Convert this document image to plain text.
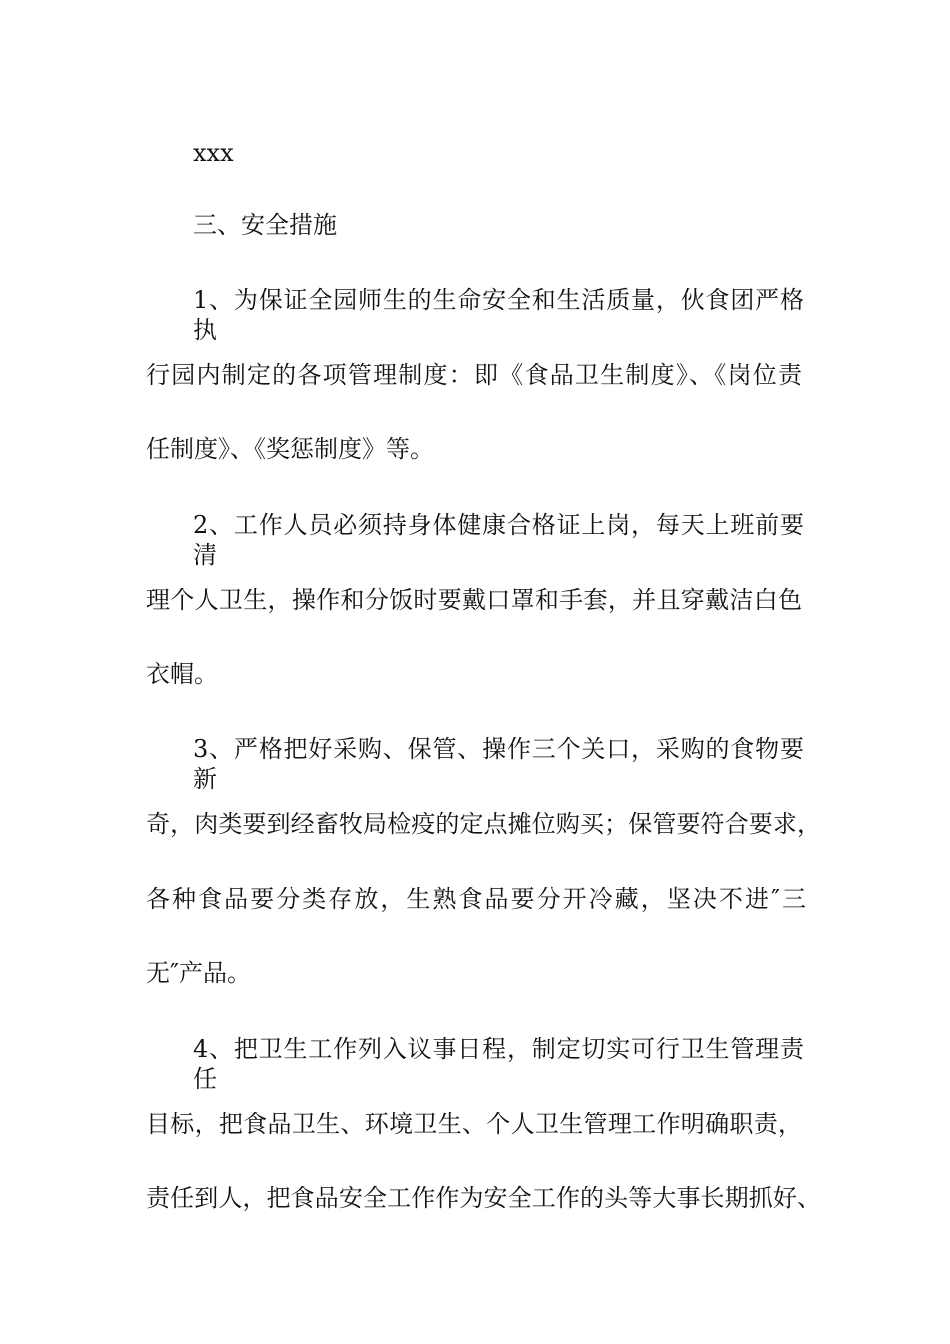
xxx
三、安全措施
1、为保证全园师生的生命安全和生活质量，伙食团严格执
行园内制定的各项管理制度：即《食品卫生制度》、《岗位责
任制度》、《奖惩制度》等。
2、工作人员必须持身体健康合格证上岗，每天上班前要清
理个人卫生，操作和分饭时要戴口罩和手套，并且穿戴洁白色
衣帽。
3、严格把好采购、保管、操作三个关口，采购的食物要新
奇，肉类要到经畜牧局检疫的定点摊位购买；保管要符合要求，
各种食品要分类存放，生熟食品要分开冷藏，坚决不进″三
无″产品。
4、把卫生工作列入议事日程，制定切实可行卫生管理责任
目标，把食品卫生、环境卫生、个人卫生管理工作明确职责，
责任到人，把食品安全工作作为安全工作的头等大事长期抓好、
